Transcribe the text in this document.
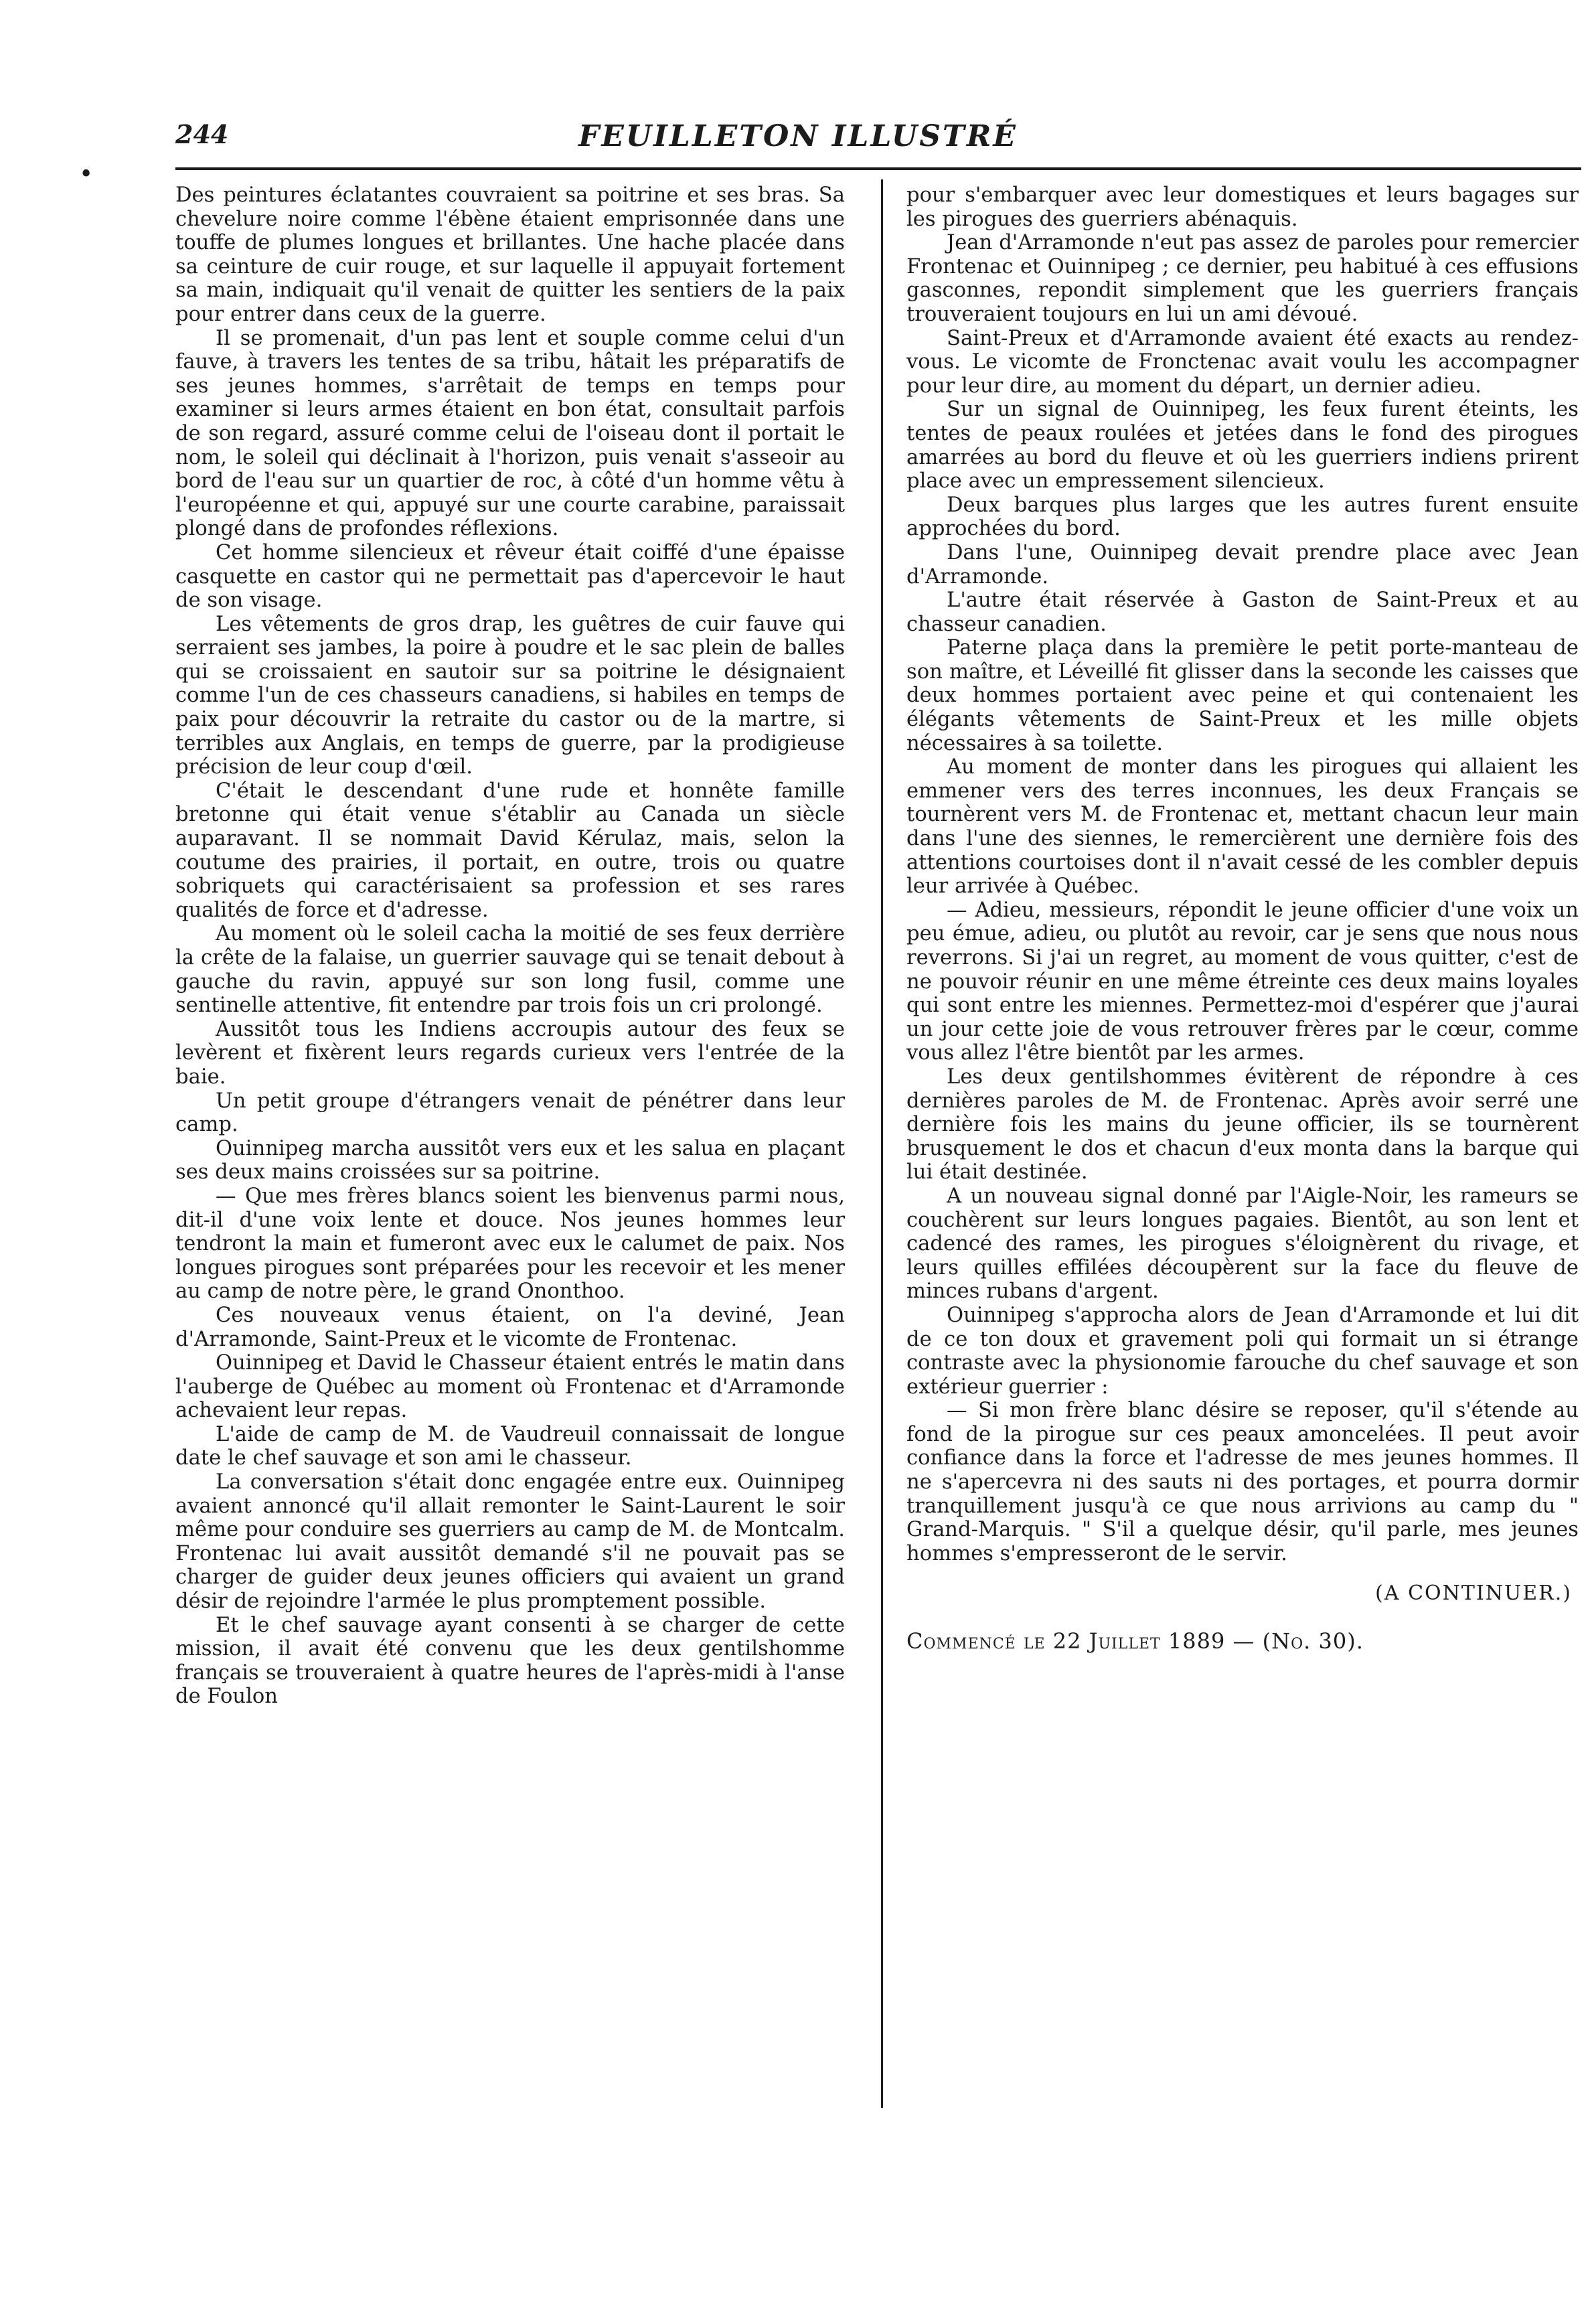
244	FEUILLETON ILLUSTRÉ
•

Des peintures éclatantes couvraient sa poitrine et ses bras. Sa chevelure noire comme l'ébène étaient emprisonnée dans une touffe de plumes longues et brillantes. Une hache placée dans sa ceinture de cuir rouge, et sur laquelle il appuyait fortement sa main, indiquait qu'il venait de quitter les sentiers de la paix pour entrer dans ceux de la guerre.

Il se promenait, d'un pas lent et souple comme celui d'un fauve, à travers les tentes de sa tribu, hâtait les préparatifs de ses jeunes hommes, s'arrêtait de temps en temps pour examiner si leurs armes étaient en bon état, consultait parfois de son regard, assuré comme celui de l'oiseau dont il portait le nom, le soleil qui déclinait à l'horizon, puis venait s'asseoir au bord de l'eau sur un quartier de roc, à côté d'un homme vêtu à l'européenne et qui, appuyé sur une courte carabine, paraissait plongé dans de profondes réflexions.

Cet homme silencieux et rêveur était coiffé d'une épaisse casquette en castor qui ne permettait pas d'apercevoir le haut de son visage.

Les vêtements de gros drap, les guêtres de cuir fauve qui serraient ses jambes, la poire à poudre et le sac plein de balles qui se croissaient en sautoir sur sa poitrine le désignaient comme l'un de ces chasseurs canadiens, si habiles en temps de paix pour découvrir la retraite du castor ou de la martre, si terribles aux Anglais, en temps de guerre, par la prodigieuse précision de leur coup d'œil.

C'était le descendant d'une rude et honnête famille bretonne qui était venue s'établir au Canada un siècle auparavant. Il se nommait David Kérulaz, mais, selon la coutume des prairies, il portait, en outre, trois ou quatre sobriquets qui caractérisaient sa profession et ses rares qualités de force et d'adresse.

Au moment où le soleil cacha la moitié de ses feux derrière la crête de la falaise, un guerrier sauvage qui se tenait debout à gauche du ravin, appuyé sur son long fusil, comme une sentinelle attentive, fit entendre par trois fois un cri prolongé.

Aussitôt tous les Indiens accroupis autour des feux se levèrent et fixèrent leurs regards curieux vers l'entrée de la baie.

Un petit groupe d'étrangers venait de pénétrer dans leur camp.

Ouinnipeg marcha aussitôt vers eux et les salua en plaçant ses deux mains croissées sur sa poitrine.

— Que mes frères blancs soient les bienvenus parmi nous, dit-il d'une voix lente et douce. Nos jeunes hommes leur tendront la main et fumeront avec eux le calumet de paix. Nos longues pirogues sont préparées pour les recevoir et les mener au camp de notre père, le grand Ononthoo.

Ces nouveaux venus étaient, on l'a deviné, Jean d'Arramonde, Saint-Preux et le vicomte de Frontenac.

Ouinnipeg et David le Chasseur étaient entrés le matin dans l'auberge de Québec au moment où Frontenac et d'Arramonde achevaient leur repas.

L'aide de camp de M. de Vaudreuil connaissait de longue date le chef sauvage et son ami le chasseur.

La conversation s'était donc engagée entre eux. Ouinnipeg avaient annoncé qu'il allait remonter le Saint-Laurent le soir même pour conduire ses guerriers au camp de M. de Montcalm. Frontenac lui avait aussitôt demandé s'il ne pouvait pas se charger de guider deux jeunes officiers qui avaient un grand désir de rejoindre l'armée le plus promptement possible.

Et le chef sauvage ayant consenti à se charger de cette mission, il avait été convenu que les deux gentilshomme français se trouveraient à quatre heures de l'après-midi à l'anse de Foulon

pour s'embarquer avec leur domestiques et leurs bagages sur les pirogues des guerriers abénaquis.

Jean d'Arramonde n'eut pas assez de paroles pour remercier Frontenac et Ouinnipeg ; ce dernier, peu habitué à ces effusions gasconnes, repondit simplement que les guerriers français trouveraient toujours en lui un ami dévoué.

Saint-Preux et d'Arramonde avaient été exacts au rendez-vous. Le vicomte de Fronctenac avait voulu les accompagner pour leur dire, au moment du départ, un dernier adieu.

Sur un signal de Ouinnipeg, les feux furent éteints, les tentes de peaux roulées et jetées dans le fond des pirogues amarrées au bord du fleuve et où les guerriers indiens prirent place avec un empressement silencieux.

Deux barques plus larges que les autres furent ensuite approchées du bord.

Dans l'une, Ouinnipeg devait prendre place avec Jean d'Arramonde.

L'autre était réservée à Gaston de Saint-Preux et au chasseur canadien.

Paterne plaça dans la première le petit porte-manteau de son maître, et Léveillé fit glisser dans la seconde les caisses que deux hommes portaient avec peine et qui contenaient les élégants vêtements de Saint-Preux et les mille objets nécessaires à sa toilette.

Au moment de monter dans les pirogues qui allaient les emmener vers des terres inconnues, les deux Français se tournèrent vers M. de Frontenac et, mettant chacun leur main dans l'une des siennes, le remercièrent une dernière fois des attentions courtoises dont il n'avait cessé de les combler depuis leur arrivée à Québec.

— Adieu, messieurs, répondit le jeune officier d'une voix un peu émue, adieu, ou plutôt au revoir, car je sens que nous nous reverrons. Si j'ai un regret, au moment de vous quitter, c'est de ne pouvoir réunir en une même étreinte ces deux mains loyales qui sont entre les miennes. Permettez-moi d'espérer que j'aurai un jour cette joie de vous retrouver frères par le cœur, comme vous allez l'être bientôt par les armes.

Les deux gentilshommes évitèrent de répondre à ces dernières paroles de M. de Frontenac. Après avoir serré une dernière fois les mains du jeune officier, ils se tournèrent brusquement le dos et chacun d'eux monta dans la barque qui lui était destinée.

A un nouveau signal donné par l'Aigle-Noir, les rameurs se couchèrent sur leurs longues pagaies. Bientôt, au son lent et cadencé des rames, les pirogues s'éloignèrent du rivage, et leurs quilles effilées découpèrent sur la face du fleuve de minces rubans d'argent.

Ouinnipeg s'approcha alors de Jean d'Arramonde et lui dit de ce ton doux et gravement poli qui formait un si étrange contraste avec la physionomie farouche du chef sauvage et son extérieur guerrier :

— Si mon frère blanc désire se reposer, qu'il s'étende au fond de la pirogue sur ces peaux amoncelées. Il peut avoir confiance dans la force et l'adresse de mes jeunes hommes. Il ne s'apercevra ni des sauts ni des portages, et pourra dormir tranquillement jusqu'à ce que nous arrivions au camp du " Grand-Marquis. " S'il a quelque désir, qu'il parle, mes jeunes hommes s'empresseront de le servir.

(A CONTINUER.)
Commencé le 22 Juillet 1889 — (No. 30).
